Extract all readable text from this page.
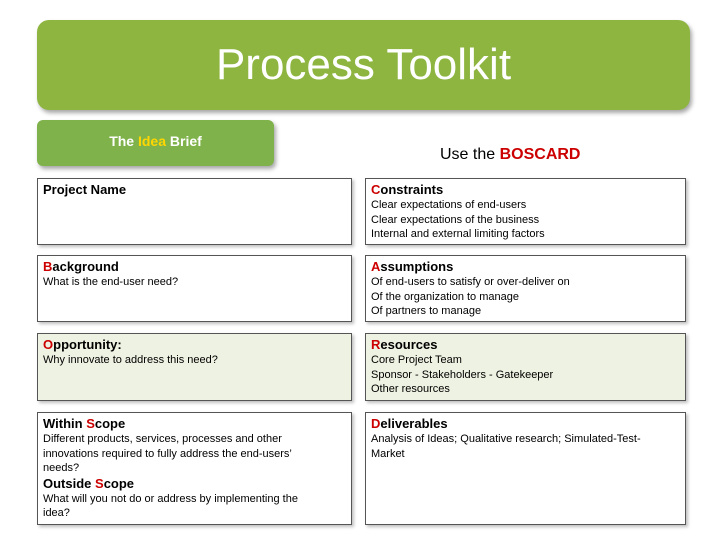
Process Toolkit
The Idea Brief
Use the BOSCARD
Project Name
Background
What is the end-user need?
Opportunity:
Why innovate to address this need?
Within Scope
Different products, services, processes and other
innovations required to fully address the end-users’
needs?
Outside Scope
What will you not do or address by implementing the
idea?
Constraints
Clear expectations of end-users
Clear expectations of the business
Internal and external limiting factors
Assumptions
Of end-users to satisfy or over-deliver on
Of the organization to manage
Of partners to manage
Resources
Core Project Team
Sponsor - Stakeholders - Gatekeeper
Other resources
Deliverables
Analysis of Ideas; Qualitative research; Simulated-Test-
Market
